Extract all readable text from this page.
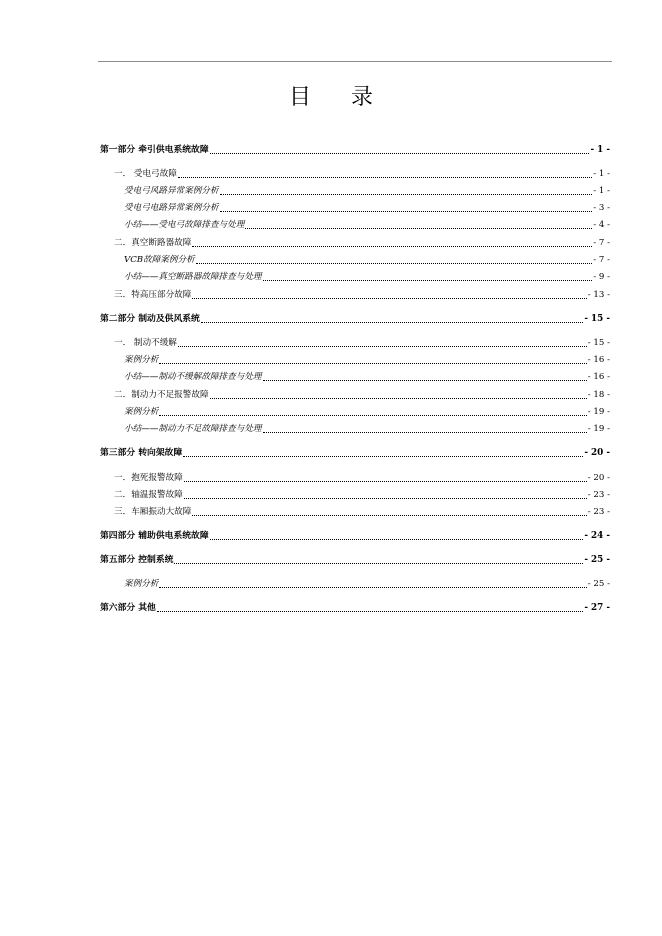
目 录
第一部分 牵引供电系统故障	- 1 -
一． 受电弓故障	- 1 -
受电弓风路异常案例分析	- 1 -
受电弓电路异常案例分析	- 3 -
小结——受电弓故障排查与处理	- 4 -
二．真空断路器故障	- 7 -
VCB故障案例分析	- 7 -
小结——真空断路器故障排查与处理	- 9 -
三．特高压部分故障	- 13 -
第二部分 制动及供风系统	- 15 -
一． 制动不缓解	- 15 -
案例分析	- 16 -
小结——制动不缓解故障排查与处理	- 16 -
二．制动力不足报警故障	- 18 -
案例分析	- 19 -
小结——制动力不足故障排查与处理	- 19 -
第三部分 转向架故障	- 20 -
一．抱死报警故障	- 20 -
二．轴温报警故障	- 23 -
三．车厢振动大故障	- 23 -
第四部分 辅助供电系统故障	- 24 -
第五部分 控制系统	- 25 -
案例分析	- 25 -
第六部分 其他	- 27 -
